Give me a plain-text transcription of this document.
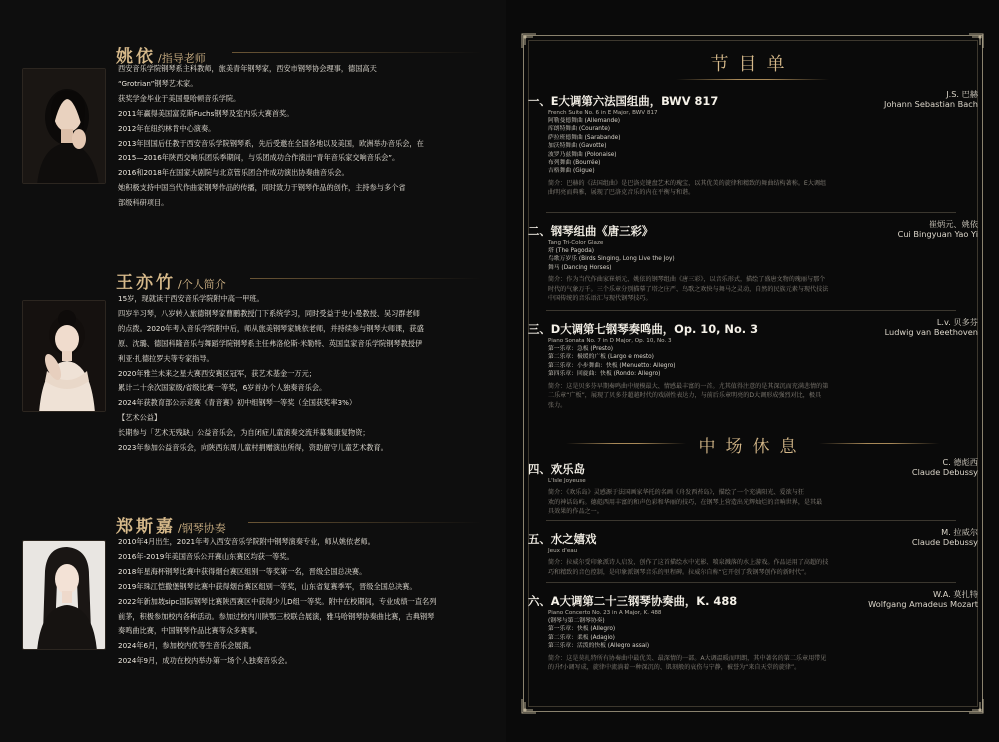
姚依 /指导老师
西安音乐学院钢琴系主科教师，旅美青年钢琴家，西安市钢琴协会理事，德国高天
“Grotrian”钢琴艺术家。
获奖学金毕业于美国曼哈顿音乐学院。
2011年赢得美国富克斯Fuchs钢琴及室内乐大赛首奖。
2012年在纽约林肯中心演奏。
2013年回国后任教于西安音乐学院钢琴系，先后受邀在全国各地以及美国，欧洲举办音乐会，在
2015—2016年陕西交响乐团乐季期间，与乐团成功合作演出“青年音乐家交响音乐会”。
2016和2018年在国家大剧院与北京管乐团合作成功演出协奏曲音乐会。
她积极支持中国当代作曲家钢琴作品的传播，同时致力于钢琴作品的创作，主持参与多个省
部级科研项目。
王亦竹 /个人简介
15岁，现就读于西安音乐学院附中高一甲班。
四岁半习琴，八岁转入旅德钢琴家曹鹏教授门下系统学习，同时受益于史小曼教授、吴习群老师
的点拨。2020年考入音乐学院附中后，师从旅美钢琴家姚依老师，并持续参与钢琴大师课，获盛
原、沈璐、德国科隆音乐与舞蹈学院钢琴系主任弗洛伦斯·米勒特、英国皇家音乐学院钢琴教授伊
利亚·扎德拉罗夫等专家指导。
2020年雅兰未来之星大赛西安赛区冠军，获艺术基金一万元；
累计二十余次国家级/省级比赛一等奖，6岁首办个人独奏音乐会。
2024年获教育部公示竞赛《青音赛》初中组钢琴一等奖（全国获奖率3%）
【艺术公益】
长期参与「艺术无残缺」公益音乐会，为自闭症儿童演奏交流并募集康复物资；
2023年参加公益音乐会，向陕西东周儿童村捐赠演出所得，资助留守儿童艺术教育。
郑斯嘉 /钢琴协奏
2010年4月出生，2021年考入西安音乐学院附中钢琴演奏专业，师从姚依老师。
2016年-2019年美国音乐公开赛山东赛区均获一等奖。
2018年星海杯钢琴比赛中获得烟台赛区组别一等奖第一名，晋级全国总决赛。
2019年珠江恺撒堡钢琴比赛中获得烟台赛区组别一等奖，山东省复赛季军，晋级全国总决赛。
2022年新加坡sipc国际钢琴比赛陕西赛区中获得少儿D组一等奖。附中在校期间，专业成绩一直名列
前茅，积极参加校内各种活动。参加过校内川陕鄂三校联合展演，雅马哈钢琴协奏曲比赛，古典钢琴
奏鸣曲比赛，中国钢琴作品比赛等众多赛事。
2024年6月，参加校内优等生音乐会展演。
2024年9月，成功在校内举办第一场个人独奏音乐会。
节目单
一、E大调第六法国组曲，BWV 817	J.S. 巴赫
Johann Sebastian Bach
French Suite No. 6 in E Major, BWV 817
阿勒曼德舞曲 (Allemande)
库朗特舞曲 (Courante)
萨拉班德舞曲 (Sarabande)
加沃特舞曲 (Gavotte)
波罗乃兹舞曲 (Polonaise)
布列舞曲 (Bourrée)
吉格舞曲 (Gigue)
简介：巴赫的《法国组曲》是巴洛克键盘艺术的瑰宝，以其优美的旋律和精致的舞曲结构著称。E大调组
曲明亮而典雅，展现了巴洛克音乐的内在平衡与和谐。
二、钢琴组曲《唐三彩》	崔炳元、姚依
Cui Bingyuan Yao Yi
Tang Tri-Color Glaze
塔 (The Pagoda)
鸟歌万岁乐 (Birds Singing, Long Live the Joy)
舞马 (Dancing Horses)
简介：作为当代作曲家崔炳元、姚依的钢琴组曲《唐三彩》，以音乐形式，描绘了盛唐文物的瑰丽与那个
时代的气象万千。三个乐章分别描摹了塔之庄严、鸟歌之欢快与舞马之灵动，自然的民族元素与现代技法
中国传统的音乐语汇与现代钢琴技巧。
三、D大调第七钢琴奏鸣曲，Op. 10, No. 3	L.v. 贝多芬
Ludwig van Beethoven
Piano Sonata No. 7 in D Major, Op. 10, No. 3
第一乐章：急板 (Presto)
第二乐章：极缓的广板 (Largo e mesto)
第三乐章：小步舞曲：快板 (Menuetto: Allegro)
第四乐章：回旋曲：快板 (Rondo: Allegro)
简介：这是贝多芬早期奏鸣曲中规模最大、情感最丰富的一首。尤其值得注意的是其深沉而充满悲情的第
二乐章“广板”，展现了贝多芬超越时代的戏剧性表达力，与前后乐章明亮的D大调形成强烈对比，极具
张力。
中场休息
四、欢乐岛	C. 德彪西
Claude Debussy
L'Isle Joyeuse
简介：《欢乐岛》灵感源于法国画家华托的名画《舟发西苔岛》，描绘了一个充满阳光、爱欲与狂
欢的神话岛屿。德彪西用丰富的和声色彩和华丽的技巧，在钢琴上营造出光辉灿烂的音响世界，是其最
具效果的作品之一。
五、水之嬉戏	M. 拉威尔
Claude Debussy
Jeux d'eau
简介：拉威尔受印象派诗人启发，创作了这首描绘水中光影、喷泉溅落的水上游戏。作品运用了高超的技
巧和精致的音色控制，是印象派钢琴音乐的里程碑。拉威尔自称“它开创了我钢琴创作的新时代”。
六、A大调第二十三钢琴协奏曲，K. 488	W.A. 莫扎特
Wolfgang Amadeus Mozart
Piano Concerto No. 23 in A Major, K. 488
(钢琴与第二钢琴协奏)
第一乐章：快板 (Allegro)
第二乐章：柔板 (Adagio)
第三乐章：活泼的快板 (Allegro assai)
简介：这是莫扎特所有协奏曲中最优美、最深情的一部。A大调温暖而明朗，其中著名的第二乐章用带见
的升f小调写成，旋律中流淌着一种深沉的、肌刻般的哀伤与宁静，被誉为“来自天堂的旋律”。
